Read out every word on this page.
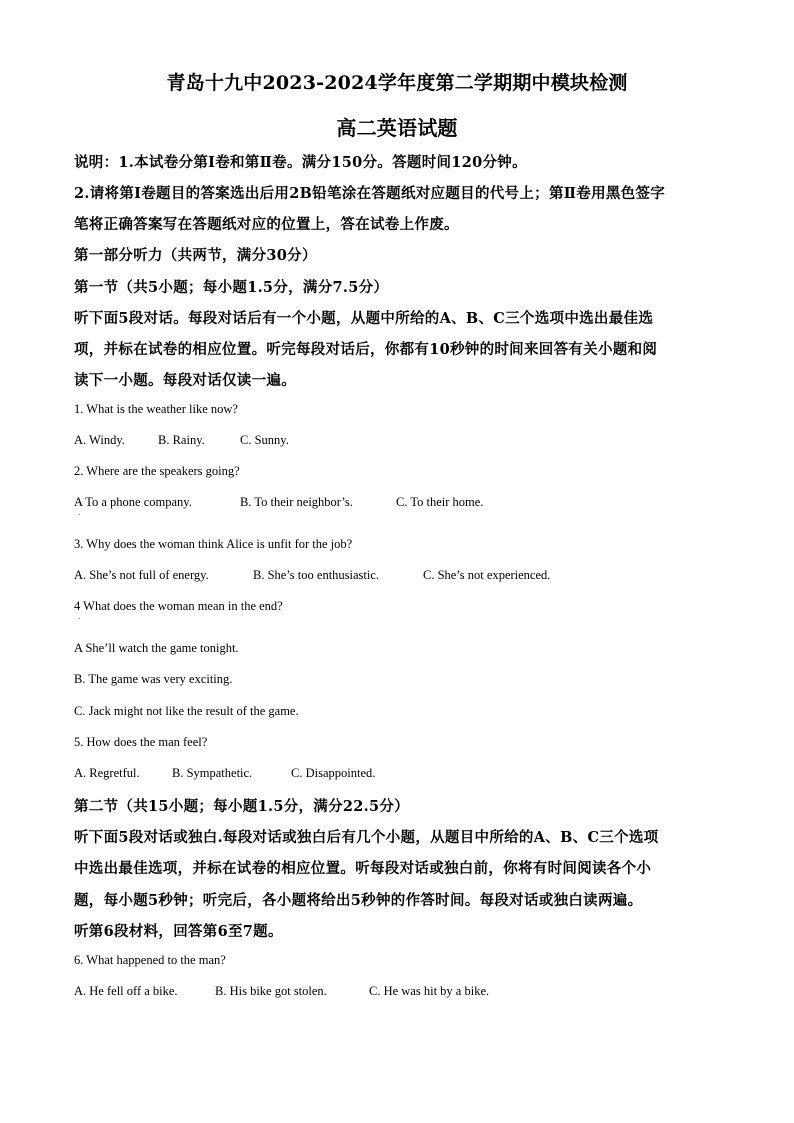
青岛十九中2023-2024学年度第二学期期中模块检测
高二英语试题
说明：1.本试卷分第Ⅰ卷和第Ⅱ卷。满分150分。答题时间120分钟。
2.请将第Ⅰ卷题目的答案选出后用2B铅笔涂在答题纸对应题目的代号上；第Ⅱ卷用黑色签字
笔将正确答案写在答题纸对应的位置上，答在试卷上作废。
第一部分听力（共两节，满分30分）
第一节（共5小题；每小题1.5分，满分7.5分）
听下面5段对话。每段对话后有一个小题，从题中所给的A、B、C三个选项中选出最佳选
项，并标在试卷的相应位置。听完每段对话后，你都有10秒钟的时间来回答有关小题和阅
读下一小题。每段对话仅读一遍。
1. What is the weather like now?
A. Windy.	B. Rainy.	C. Sunny.
2. Where are the speakers going?
A To a phone company.
.
B. To their neighbor’s.	C. To their home.
3. Why does the woman think Alice is unfit for the job?
A. She’s not full of energy.	B. She’s too enthusiastic.	C. She’s not experienced.
4 What does the woman mean in the end?
.
A She’ll watch the game tonight.
B. The game was very exciting.
C. Jack might not like the result of the game.
5. How does the man feel?
A. Regretful.	B. Sympathetic.	C. Disappointed.
第二节（共15小题；每小题1.5分，满分22.5分）
听下面5段对话或独白.每段对话或独白后有几个小题，从题目中所给的A、B、C三个选项
中选出最佳选项，并标在试卷的相应位置。听每段对话或独白前，你将有时间阅读各个小
题，每小题5秒钟；听完后，各小题将给出5秒钟的作答时间。每段对话或独白读两遍。
听第6段材料，回答第6至7题。
6. What happened to the man?
A. He fell off a bike.	B. His bike got stolen.	C. He was hit by a bike.
